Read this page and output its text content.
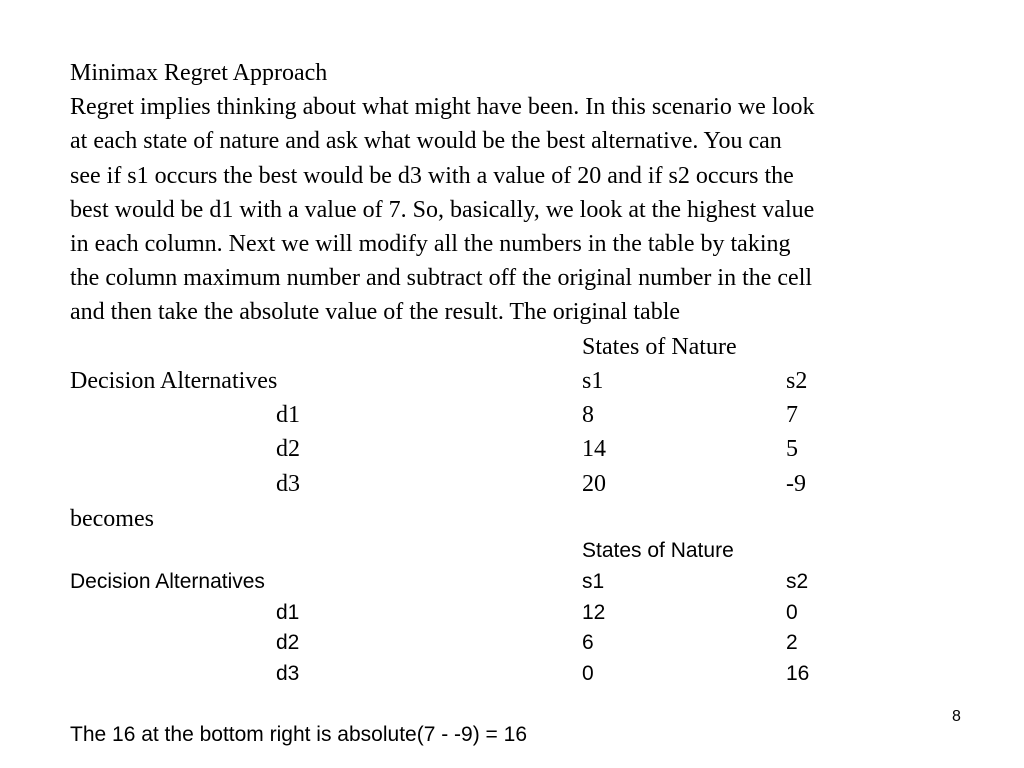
Minimax Regret Approach
Regret implies thinking about what might have been. In this scenario we look
at each state of nature and ask what would be the best alternative. You can
see if s1 occurs the best would be d3 with a value of 20 and if s2 occurs the
best would be d1 with a value of 7. So, basically, we look at the highest value
in each column. Next we will modify all the numbers in the table by taking
the column maximum number and subtract off the original number in the cell
and then take the absolute value of the result. The original table
States of Nature
Decision Alternatives	s1	s2
d1	8	7
d2	14	5
d3	20	-9
becomes
States of Nature
Decision Alternatives	s1	s2
d1	12	0
d2	6	2
d3	0	16
8
The 16 at the bottom right is absolute(7 - -9) = 16
